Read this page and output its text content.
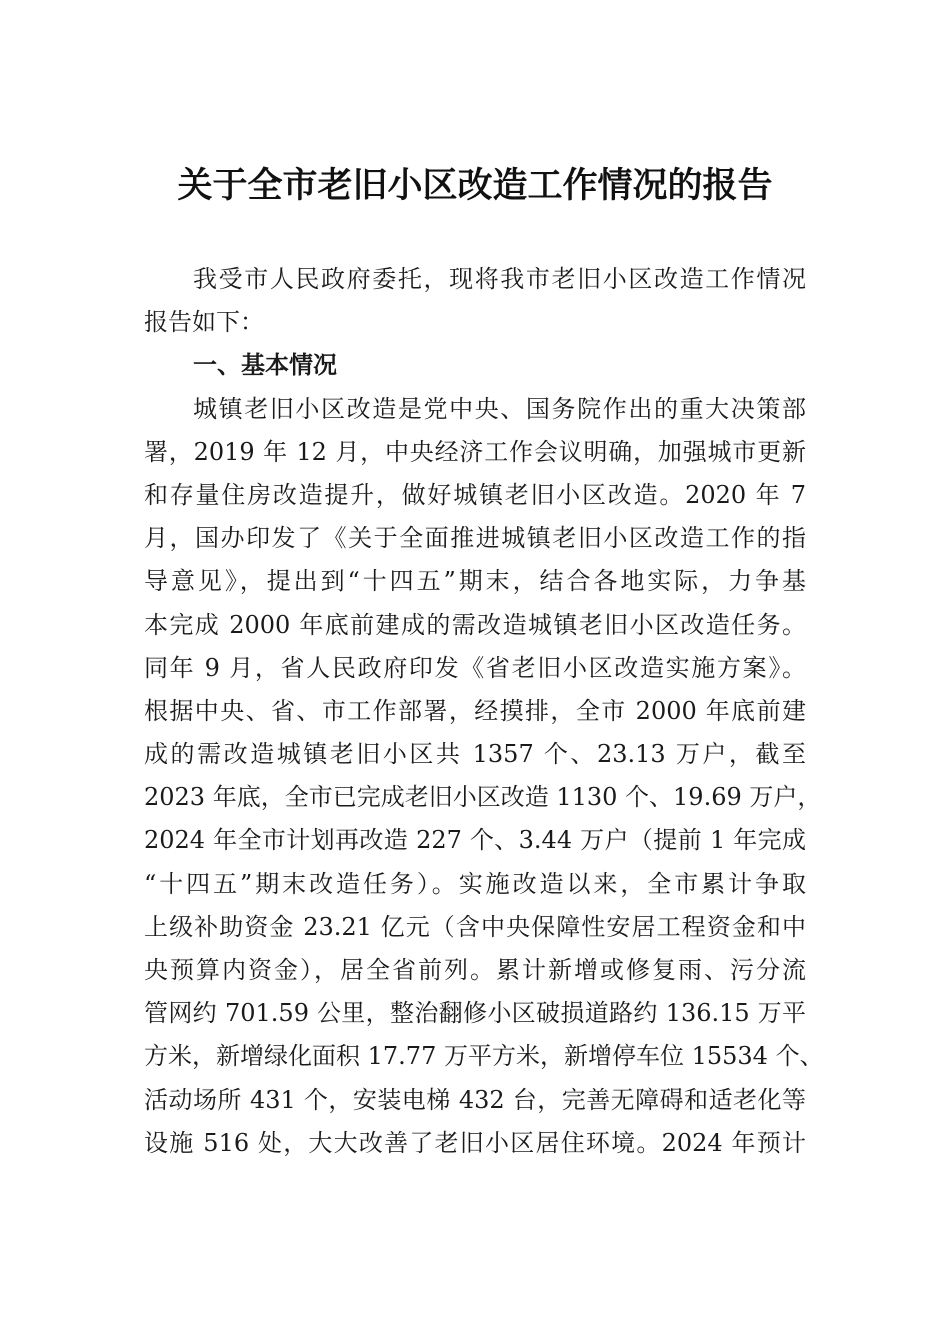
关于全市老旧小区改造工作情况的报告
我受市人民政府委托，现将我市老旧小区改造工作情况
报告如下：
一、基本情况
城镇老旧小区改造是党中央、国务院作出的重大决策部
署，2019 年 12 月，中央经济工作会议明确，加强城市更新
和存量住房改造提升，做好城镇老旧小区改造。2020 年 7
月，国办印发了《关于全面推进城镇老旧小区改造工作的指
导意见》，提出到“十四五”期末，结合各地实际，力争基
本完成 2000 年底前建成的需改造城镇老旧小区改造任务。
同年 9 月，省人民政府印发《省老旧小区改造实施方案》。
根据中央、省、市工作部署，经摸排，全市 2000 年底前建
成的需改造城镇老旧小区共 1357 个、23.13 万户，截至
2023 年底，全市已完成老旧小区改造 1130 个、19.69 万户，
2024 年全市计划再改造 227 个、3.44 万户（提前 1 年完成
“十四五”期末改造任务）。实施改造以来，全市累计争取
上级补助资金 23.21 亿元（含中央保障性安居工程资金和中
央预算内资金），居全省前列。累计新增或修复雨、污分流
管网约 701.59 公里，整治翻修小区破损道路约 136.15 万平
方米，新增绿化面积 17.77 万平方米，新增停车位 15534 个、
活动场所 431 个，安装电梯 432 台，完善无障碍和适老化等
设施 516 处，大大改善了老旧小区居住环境。2024 年预计
